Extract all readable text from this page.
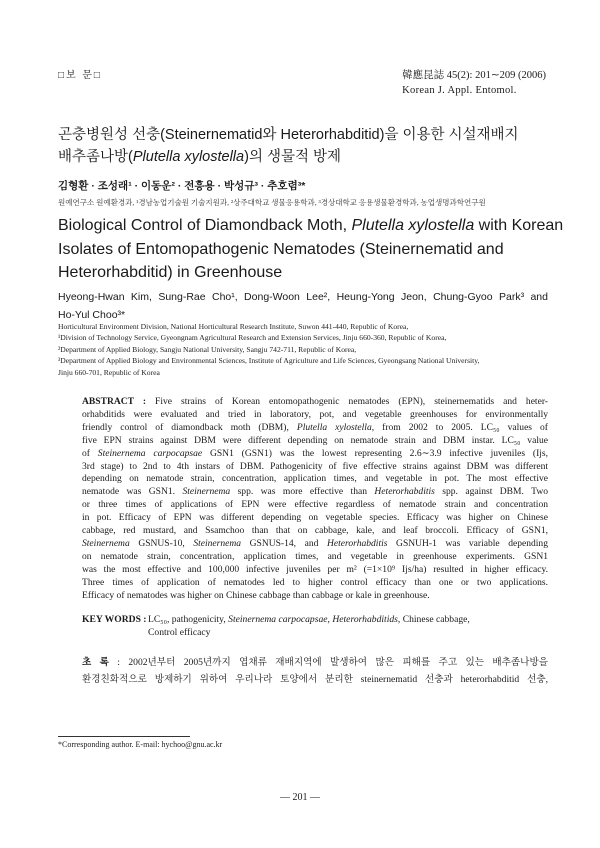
□보 문□	韓應昆誌 45(2): 201∼209 (2006)
Korean J. Appl. Entomol.
곤충병원성 선충(Steinernematid와 Heterorhabditid)을 이용한 시설재배지
배추좀나방(Plutella xylostella)의 생물적 방제
김형환 · 조성래¹ · 이동운² · 전흥용 · 박성규³ · 추호렴³*
원예연구소 원예환경과, ¹경남농업기술원 기술지원과, ²상주대학교 생물응용학과, ³경상대학교 응용생물환경학과, 농업생명과학연구원
Biological Control of Diamondback Moth, Plutella xylostella with Korean
Isolates of Entomopathogenic Nematodes (Steinernematid and
Heterorhabditid) in Greenhouse
Hyeong-Hwan Kim, Sung-Rae Cho¹, Dong-Woon Lee², Heung-Yong Jeon, Chung-Gyoo Park³ and
Ho-Yul Choo³*
Horticultural Environment Division, National Horticultural Research Institute, Suwon 441-440, Republic of Korea,
¹Division of Technology Service, Gyeongnam Agricultural Research and Extension Services, Jinju 660-360, Republic of Korea,
²Department of Applied Biology, Sangju National University, Sangju 742-711, Republic of Korea,
³Department of Applied Biology and Environmental Sciences, Institute of Agriculture and Life Sciences, Gyeongsang National University,
Jinju 660-701, Republic of Korea
ABSTRACT : Five strains of Korean entomopathogenic nematodes (EPN), steinernematids and heter-
orhabditids were evaluated and tried in laboratory, pot, and vegetable greenhouses for environmentally
friendly control of diamondback moth (DBM), Plutella xylostella, from 2002 to 2005. LC₅₀ values of
five EPN strains against DBM were different depending on nematode strain and DBM instar. LC₅₀ value
of Steinernema carpocapsae GSN1 (GSN1) was the lowest representing 2.6∼3.9 infective juveniles (Ijs,
3rd stage) to 2nd to 4th instars of DBM. Pathogenicity of five effective strains against DBM was different
depending on nematode strain, concentration, application times, and vegetable in pot. The most effective
nematode was GSN1. Steinernema spp. was more effective than Heterorhabditis spp. against DBM. Two
or three times of applications of EPN were effective regardless of nematode strain and concentration
in pot. Efficacy of EPN was different depending on vegetable species. Efficacy was higher on Chinese
cabbage, red mustard, and Ssamchoo than that on cabbage, kale, and leaf broccoli. Efficacy of GSN1,
Steinernema GSNUS-10, Steinernema GSNUS-14, and Heterorhabditis GSNUH-1 was variable depending
on nematode strain, concentration, application times, and vegetable in greenhouse experiments. GSN1
was the most effective and 100,000 infective juveniles per m² (=1×10⁹ Ijs/ha) resulted in higher efficacy.
Three times of application of nematodes led to higher control efficacy than one or two applications.
Efficacy of nematodes was higher on Chinese cabbage than cabbage or kale in greenhouse.
KEY WORDS : LC₅₀, pathogenicity, Steinernema carpocapsae, Heterorhabditids, Chinese cabbage,
Control efficacy
초 록 : 2002년부터 2005년까지 엽채류 재배지역에 발생하여 많은 피해를 주고 있는 배추좀나방을
환경친화적으로 방제하기 위하여 우리나라 토양에서 분리한 steinernematid 선충과 heterorhabditid 선충,
*Corresponding author. E-mail: hychoo@gnu.ac.kr
— 201 —
